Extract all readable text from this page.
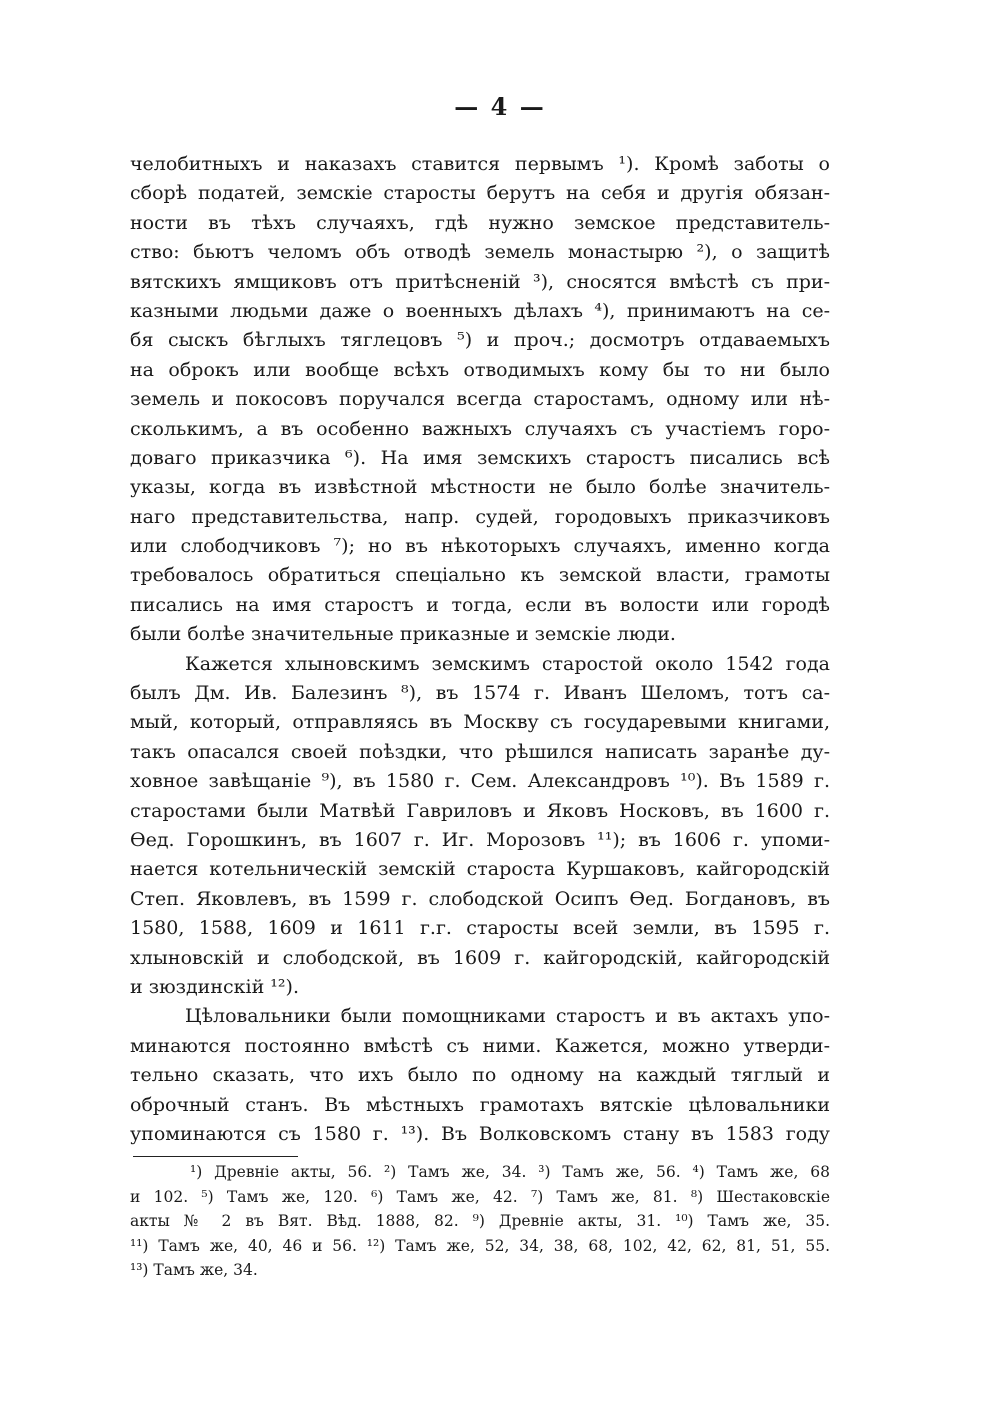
— 4 —
челобитныхъ и наказахъ ставится первымъ ¹). Кромѣ заботы о
сборѣ податей, земскіе старосты берутъ на себя и другія обязан-
ности въ тѣхъ случаяхъ, гдѣ нужно земское представитель-
ство: бьютъ челомъ объ отводѣ земель монастырю ²), о защитѣ
вятскихъ ямщиковъ отъ притѣсненій ³), сносятся вмѣстѣ съ при-
казными людьми даже о военныхъ дѣлахъ ⁴), принимаютъ на се-
бя сыскъ бѣглыхъ тяглецовъ ⁵) и проч.; досмотръ отдаваемыхъ
на оброкъ или вообще всѣхъ отводимыхъ кому бы то ни было
земель и покосовъ поручался всегда старостамъ, одному или нѣ-
сколькимъ, а въ особенно важныхъ случаяхъ съ участіемъ горо-
доваго приказчика ⁶). На имя земскихъ старостъ писались всѣ
указы, когда въ извѣстной мѣстности не было болѣе значитель-
наго представительства, напр. судей, городовыхъ приказчиковъ
или слободчиковъ ⁷); но въ нѣкоторыхъ случаяхъ, именно когда
требовалось обратиться спеціально къ земской власти, грамоты
писались на имя старостъ и тогда, если въ волости или городѣ
были болѣе значительные приказные и земскіе люди.
Кажется хлыновскимъ земскимъ старостой около 1542 года
былъ Дм. Ив. Балезинъ ⁸), въ 1574 г. Иванъ Шеломъ, тотъ са-
мый, который, отправляясь въ Москву съ государевыми книгами,
такъ опасался своей поѣздки, что рѣшился написать заранѣе ду-
ховное завѣщаніе ⁹), въ 1580 г. Сем. Александровъ ¹⁰). Въ 1589 г.
старостами были Матвѣй Гавриловъ и Яковъ Носковъ, въ 1600 г.
Ѳед. Горошкинъ, въ 1607 г. Иг. Морозовъ ¹¹); въ 1606 г. упоми-
нается котельническій земскій староста Куршаковъ, кайгородскій
Степ. Яковлевъ, въ 1599 г. слободской Осипъ Ѳед. Богдановъ, въ
1580, 1588, 1609 и 1611 г.г. старосты всей земли, въ 1595 г.
хлыновскій и слободской, въ 1609 г. кайгородскій, кайгородскій
и зюздинскій ¹²).
Цѣловальники были помощниками старостъ и въ актахъ упо-
минаются постоянно вмѣстѣ съ ними. Кажется, можно утверди-
тельно сказать, что ихъ было по одному на каждый тяглый и
оброчный станъ. Въ мѣстныхъ грамотахъ вятскіе цѣловальники
упоминаются съ 1580 г. ¹³). Въ Волковскомъ стану въ 1583 году
¹) Древніе акты, 56. ²) Тамъ же, 34. ³) Тамъ же, 56. ⁴) Тамъ же, 68
и 102. ⁵) Тамъ же, 120. ⁶) Тамъ же, 42. ⁷) Тамъ же, 81. ⁸) Шестаковскіе
акты № 2 въ Вят. Вѣд. 1888, 82. ⁹) Древніе акты, 31. ¹⁰) Тамъ же, 35.
¹¹) Тамъ же, 40, 46 и 56. ¹²) Тамъ же, 52, 34, 38, 68, 102, 42, 62, 81, 51, 55.
¹³) Тамъ же, 34.
